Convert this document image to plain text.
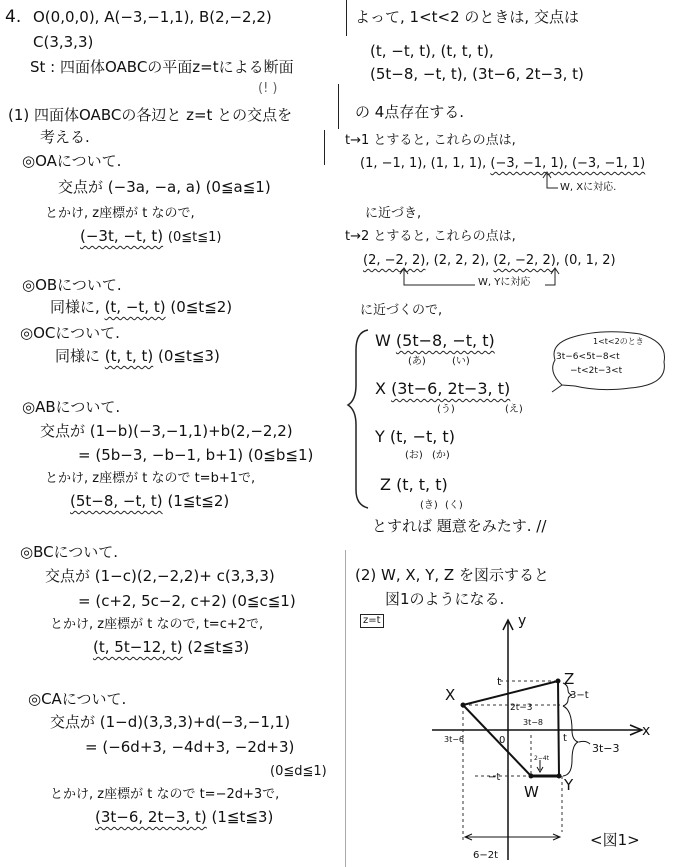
4. O(0,0,0), A(−3,−1,1), B(2,−2,2)
C(3,3,3)
St : 四面体OABCの平面z=tによる断面
(! )
(1) 四面体OABCの各辺と z=t との交点を
考える.
◎OAについて.
交点が (−3a, −a, a) (0≦a≦1)
とかけ, z座標が t なので,
(−3t, −t, t) (0≦t≦1)
◎OBについて.
同様に, (t, −t, t) (0≦t≦2)
◎OCについて.
同様に (t, t, t) (0≦t≦3)
◎ABについて.
交点が (1−b)(−3,−1,1)+b(2,−2,2)
= (5b−3, −b−1, b+1) (0≦b≦1)
とかけ, z座標が t なので t=b+1で,
(5t−8, −t, t) (1≦t≦2)
◎BCについて.
交点が (1−c)(2,−2,2)+ c(3,3,3)
= (c+2, 5c−2, c+2) (0≦c≦1)
とかけ, z座標が t なので, t=c+2で,
(t, 5t−12, t) (2≦t≦3)
◎CAについて.
交点が (1−d)(3,3,3)+d(−3,−1,1)
= (−6d+3, −4d+3, −2d+3)
(0≦d≦1)
とかけ, z座標が t なので t=−2d+3で,
(3t−6, 2t−3, t) (1≦t≦3)
よって, 1<t<2 のときは, 交点は
(t, −t, t), (t, t, t),
(5t−8, −t, t), (3t−6, 2t−3, t)
の 4点存在する.
t→1 とすると, これらの点は,
(1, −1, 1), (1, 1, 1), (−3, −1, 1), (−3, −1, 1)
W, Xに対応.
に近づき,
t→2 とすると, これらの点は,
(2, −2, 2), (2, 2, 2), (2, −2, 2), (0, 1, 2)
W, Yに対応
に近づくので,
W (5t−8, −t, t)
(あ)	(い)
X (3t−6, 2t−3, t)
(う)	(え)
Y (t, −t, t)
(お) (か)
Z (t, t, t)
(き) (く)
1<t<2のとき
3t−6<5t−8<t
−t<2t−3<t
とすれば 題意をみたす. //
(2) W, X, Y, Z を図示すると
図1のようになる.
z=t	y
x
0
X
Z
Y
W
t
2t−3
3t−8
3t−6	t
−t
3−t
3t−3
2−4t
6−2t
<図1>
